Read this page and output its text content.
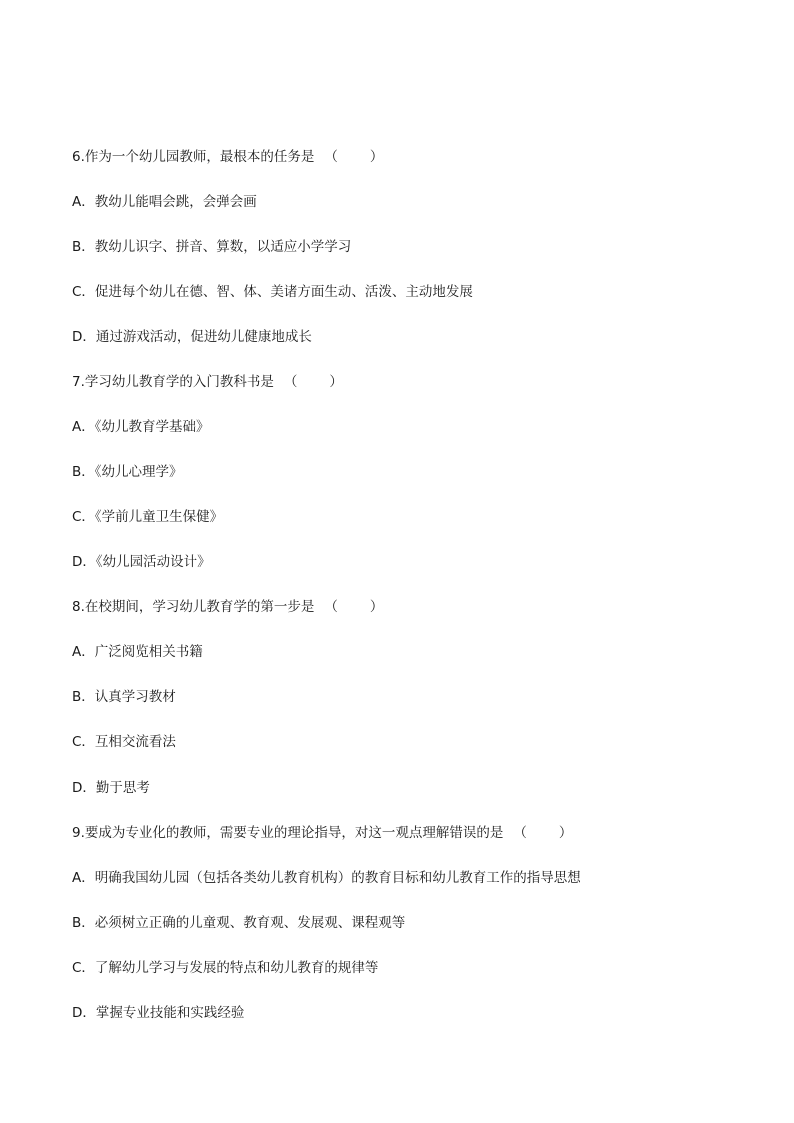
6.作为一个幼儿园教师，最根本的任务是 （ ）
A．教幼儿能唱会跳，会弹会画
B．教幼儿识字、拼音、算数，以适应小学学习
C．促进每个幼儿在德、智、体、美诸方面生动、活泼、主动地发展
D．通过游戏活动，促进幼儿健康地成长
7.学习幼儿教育学的入门教科书是 （ ）
A．《幼儿教育学基础》
B．《幼儿心理学》
C．《学前儿童卫生保健》
D．《幼儿园活动设计》
8.在校期间，学习幼儿教育学的第一步是 （ ）
A．广泛阅览相关书籍
B．认真学习教材
C．互相交流看法
D．勤于思考
9.要成为专业化的教师，需要专业的理论指导，对这一观点理解错误的是 （ ）
A．明确我国幼儿园（包括各类幼儿教育机构）的教育目标和幼儿教育工作的指导思想
B．必须树立正确的儿童观、教育观、发展观、课程观等
C．了解幼儿学习与发展的特点和幼儿教育的规律等
D．掌握专业技能和实践经验
